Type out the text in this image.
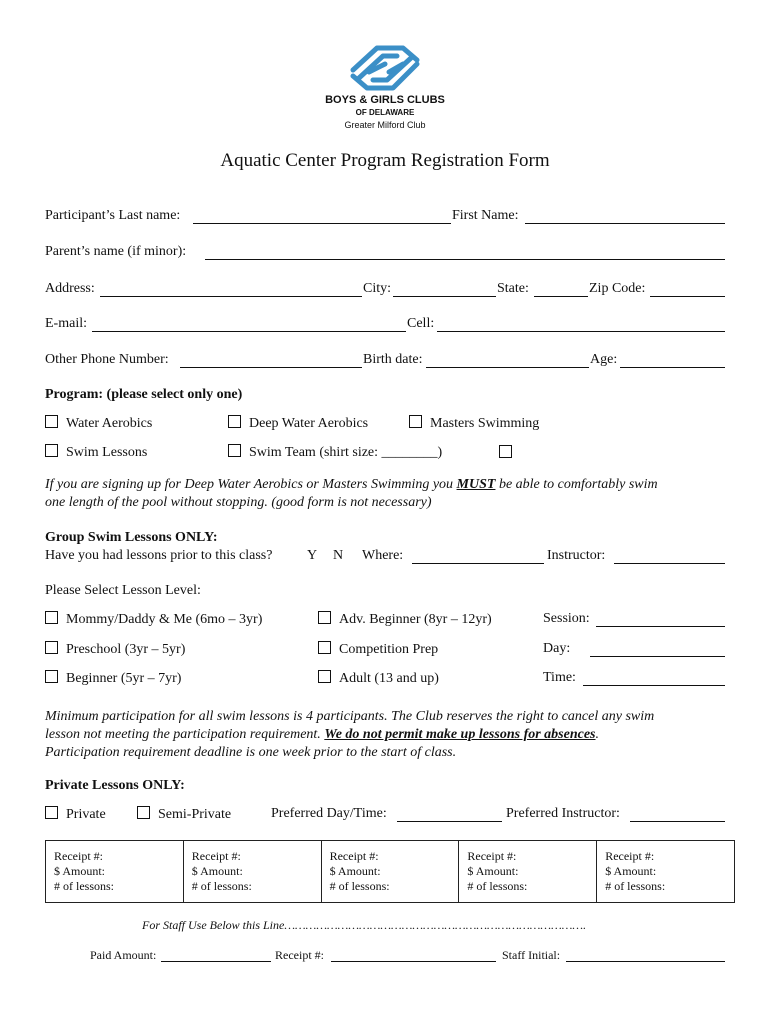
BOYS & GIRLS CLUBS
OF DELAWARE
Greater Milford Club
Aquatic Center Program Registration Form
Participant’s Last name:	First Name:
Parent’s name (if minor):
Address:	City:	State:	Zip Code:
E-mail:	Cell:
Other Phone Number:	Birth date:	Age:
Program: (please select only one)
Water Aerobics	Deep Water Aerobics	Masters Swimming
Swim Lessons	Swim Team (shirt size: ________)
If you are signing up for Deep Water Aerobics or Masters Swimming you MUST be able to comfortably swim
one length of the pool without stopping. (good form is not necessary)
Group Swim Lessons ONLY:
Have you had lessons prior to this class? Y N Where:	Instructor:
Please Select Lesson Level:
Mommy/Daddy & Me (6mo – 3yr)	Adv. Beginner (8yr – 12yr)	Session:
Preschool (3yr – 5yr)	Competition Prep	Day:
Beginner (5yr – 7yr)	Adult (13 and up)	Time:
Minimum participation for all swim lessons is 4 participants. The Club reserves the right to cancel any swim
lesson not meeting the participation requirement. We do not permit make up lessons for absences.
Participation requirement deadline is one week prior to the start of class.
Private Lessons ONLY:
Private	Semi-Private	Preferred Day/Time:	Preferred Instructor:
Receipt #:
$ Amount:
# of lessons:

Receipt #:
$ Amount:
# of lessons:

Receipt #:
$ Amount:
# of lessons:

Receipt #:
$ Amount:
# of lessons:

Receipt #:
$ Amount:
# of lessons:
For Staff Use Below this Line………………………………………………………………………….
Paid Amount:	Receipt #:	Staff Initial:
